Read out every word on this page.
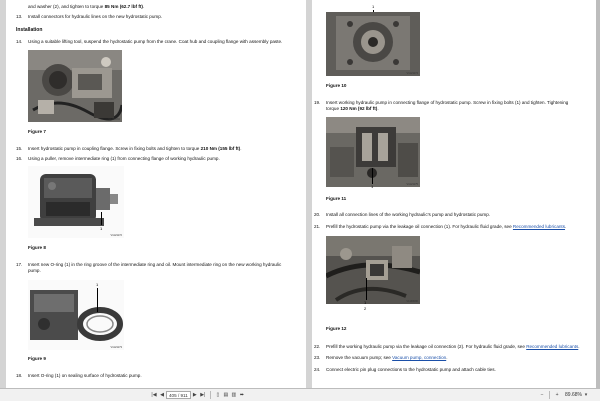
and washer (2), and tighten to torque 85 Nm (62.7 lbf ft).
13. Install connectors for hydraulic lines on the new hydrostatic pump.
Installation
14. Using a suitable lifting tool, suspend the hydrostatic pump from the crane. Coat hub and coupling flange with assembly paste.
V1168084
Figure 7
15. Insert hydrostatic pump in coupling flange. Screw in fixing bolts and tighten to torque 210 Nm (155 lbf ft).
16. Using a puller, remove intermediate ring (1) from connecting flange of working hydraulic pump.
V1121172
1
Figure 8
17. Insert new O-ring (1) in the ring groove of the intermediate ring and oil. Mount intermediate ring on the new working hydraulic
pump.
V1121173
1
Figure 9
18. Insert O-ring (1) on sealing surface of hydrostatic pump.
1
V1121174
Figure 10
19. Insert working hydraulic pump in connecting flange of hydrostatic pump. Screw in fixing bolts (1) and tighten. Tightening
torque 120 Nm (92 lbf ft).
V1121175
1
Figure 11
20. Install all connection lines of the working hydraulic's pump and hydrostatic pump.
21. Prefill the hydrostatic pump via the leakage oil connection (1). For hydraulic fluid grade, see Recommended lubricants.
V1168086
1
2
Figure 12
22. Prefill the working hydraulic pump via the leakage oil connection (2). For hydraulic fluid grade, see Recommended lubricants.
23. Remove the vacuum pump; see Vacuum pump, connection.
24. Connect electric pin plug connections to the hydrostatic pump and attach cable ties.
|◀ ◀	405 / 911	▶ ▶|	▯ ▤ ▥ ⬌	−	+	89.68% ▾
